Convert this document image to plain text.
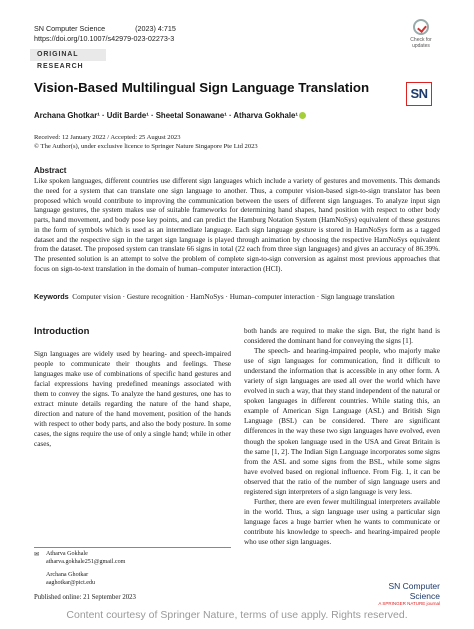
SN Computer Science	(2023) 4:715
https://doi.org/10.1007/s42979-023-02273-3
ORIGINAL RESEARCH
Check for updates
SN
Vision-Based Multilingual Sign Language Translation
Archana Ghotkar¹ · Udit Barde¹ · Sheetal Sonawane¹ · Atharva Gokhale¹
Received: 12 January 2022 / Accepted: 25 August 2023
© The Author(s), under exclusive licence to Springer Nature Singapore Pte Ltd 2023
Abstract
Like spoken languages, different countries use different sign languages which include a variety of gestures and movements. This demands the need for a system that can translate one sign language to another. Thus, a computer vision-based sign-to-sign translator has been proposed which would contribute to improving the communication between the users of different sign languages. To analyze input sign language gestures, the system makes use of suitable frameworks for determining hand shapes, hand position with respect to other body parts, hand movement, and body pose key points, and can predict the Hamburg Notation System (HamNoSys) equivalent of these gestures in the form of symbols which is used as an intermediate language. Each sign language gesture is stored in HamNoSys form as a tagged dataset and the respective sign in the target sign language is played through animation by choosing the respective HamNoSys equivalent from the dataset. The proposed system can translate 66 signs in total (22 each from three sign languages) and gives an accuracy of 86.39%. The presented solution is an attempt to solve the problem of complete sign-to-sign conversion as against most previous approaches that focus on sign-to-text translation in the domain of human–computer interaction (HCI).
Keywords Computer vision · Gesture recognition · HamNoSys · Human–computer interaction · Sign language translation
Introduction

Sign languages are widely used by hearing- and speech-impaired people to communicate their thoughts and feelings. These languages make use of combinations of specific hand gestures and facial expressions having predefined meanings associated with them to convey the signs. To analyze the hand gestures, one has to extract minute details regarding the nature of the hand shape, direction and nature of the hand movement, position of the hands with respect to other body parts, and also the body posture. In some cases, the signs require the use of only a single hand; while in other cases,

both hands are required to make the sign. But, the right hand is considered the dominant hand for conveying the signs [1].

The speech- and hearing-impaired people, who majorly make use of sign languages for communication, find it difficult to understand the information that is accessible in any other form. A variety of sign languages are used all over the world which have evolved in such a way, that they stand independent of the natural or spoken languages in different countries. While stating this, an example of American Sign Language (ASL) and British Sign Language (BSL) can be considered. There are significant differences in the way these two sign languages have evolved, even though the spoken language used in the USA and Great Britain is the same [1, 2]. The Indian Sign Language incorporates some signs from the ASL and some signs from the BSL, while some signs have evolved based on regional influence. From Fig. 1, it can be observed that the ratio of the number of sign language users and registered sign interpreters of a sign language is very less.

Further, there are even fewer multilingual interpreters available in the world. Thus, a sign language user using a particular sign language faces a huge barrier when he wants to communicate or contribute his knowledge to speech- and hearing-impaired people who use other sign languages.

✉	Atharva Gokhale
atharva.gokhale251@gmail.com
Archana Ghotkar
aaghotkar@pict.edu
Published online: 21 September 2023
SN Computer Science
A SPRINGER NATURE journal
Content courtesy of Springer Nature, terms of use apply. Rights reserved.
